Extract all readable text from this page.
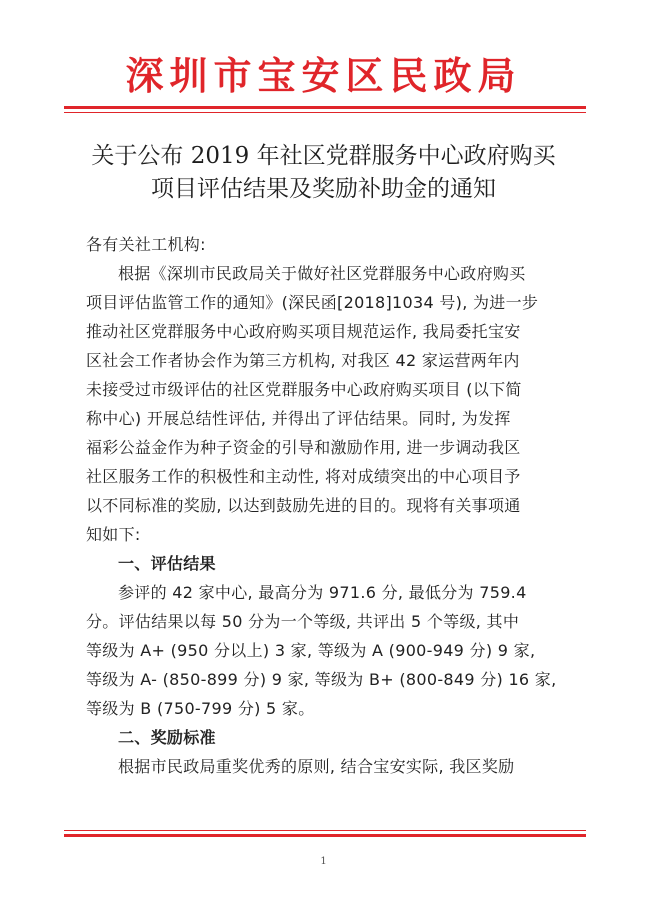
深圳市宝安区民政局
关于公布 2019 年社区党群服务中心政府购买
项目评估结果及奖励补助金的通知
各有关社工机构:
根据《深圳市民政局关于做好社区党群服务中心政府购买
项目评估监管工作的通知》(深民函[2018]1034 号), 为进一步
推动社区党群服务中心政府购买项目规范运作, 我局委托宝安
区社会工作者协会作为第三方机构, 对我区 42 家运营两年内
未接受过市级评估的社区党群服务中心政府购买项目 (以下简
称中心) 开展总结性评估, 并得出了评估结果。同时, 为发挥
福彩公益金作为种子资金的引导和激励作用, 进一步调动我区
社区服务工作的积极性和主动性, 将对成绩突出的中心项目予
以不同标准的奖励, 以达到鼓励先进的目的。现将有关事项通
知如下:
一、评估结果
参评的 42 家中心, 最高分为 971.6 分, 最低分为 759.4
分。评估结果以每 50 分为一个等级, 共评出 5 个等级, 其中
等级为 A+ (950 分以上) 3 家, 等级为 A (900-949 分) 9 家,
等级为 A- (850-899 分) 9 家, 等级为 B+ (800-849 分) 16 家,
等级为 B (750-799 分) 5 家。
二、奖励标准
根据市民政局重奖优秀的原则, 结合宝安实际, 我区奖励
1
